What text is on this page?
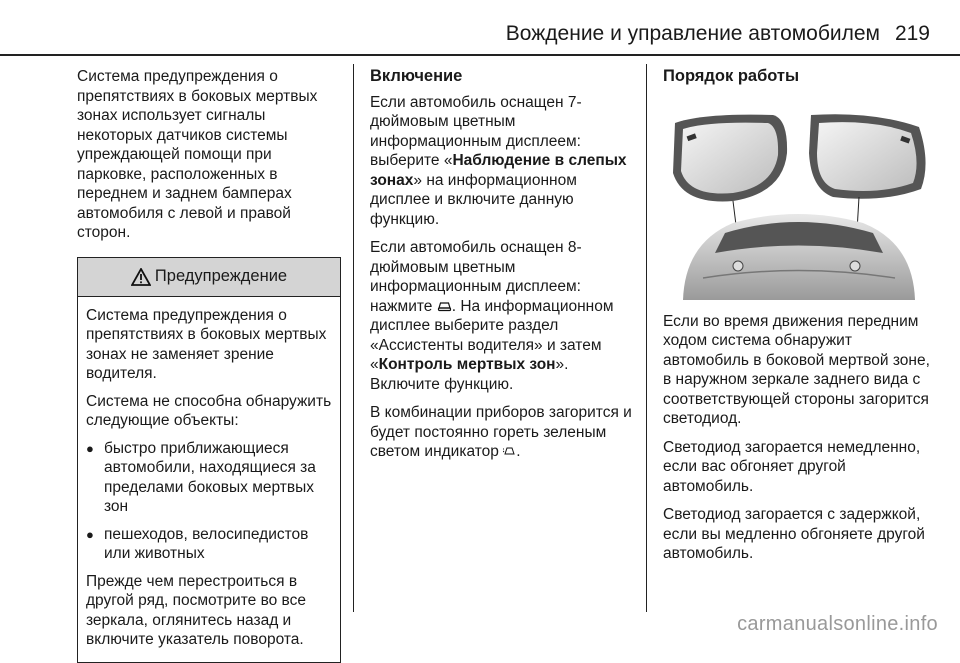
Вождение и управление автомобилем 219

Система предупреждения о препятствиях в боковых мертвых зонах использует сигналы некоторых датчиков системы упреждающей помощи при парковке, расположенных в переднем и заднем бамперах автомобиля с левой и правой сторон.

Предупреждение

Система предупреждения о препятствиях в боковых мертвых зонах не заменяет зрение водителя.

Система не способна обнаружить следующие объекты:

● быстро приближающиеся автомобили, находящиеся за пределами боковых мертвых зон
● пешеходов, велосипедистов или животных

Прежде чем перестроиться в другой ряд, посмотрите во все зеркала, оглянитесь назад и включите указатель поворота.

Включение

Если автомобиль оснащен 7-дюймовым цветным информационным дисплеем: выберите «Наблюдение в слепых зонах» на информационном дисплее и включите данную функцию.

Если автомобиль оснащен 8-дюймовым цветным информационным дисплеем: нажмите . На информационном дисплее выберите раздел «Ассистенты водителя» и затем «Контроль мертвых зон». Включите функцию.

В комбинации приборов загорится и будет постоянно гореть зеленым светом индикатор .

Порядок работы

Если во время движения передним ходом система обнаружит автомобиль в боковой мертвой зоне, в наружном зеркале заднего вида с соответствующей стороны загорится светодиод.

Светодиод загорается немедленно, если вас обгоняет другой автомобиль.

Светодиод загорается с задержкой, если вы медленно обгоняете другой автомобиль.

carmanualsonline.info
